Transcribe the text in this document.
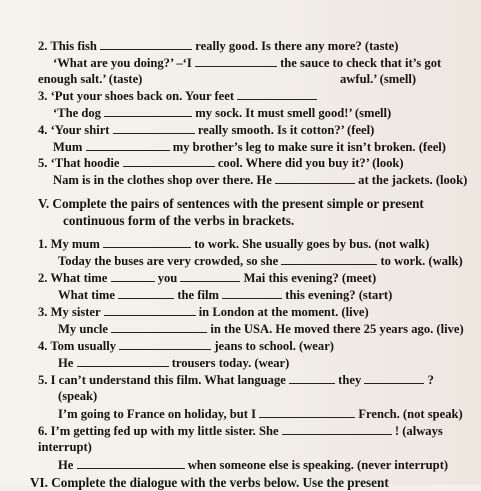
2. This fish	really good. Is there any more? (taste)
‘What are you doing?’ –‘I	the sauce to check that it’s got
enough salt.’ (taste)	awful.’ (smell)
3. ‘Put your shoes back on. Your feet
‘The dog	my sock. It must smell good!’ (smell)
4. ‘Your shirt	really smooth. Is it cotton?’ (feel)
Mum	my brother’s leg to make sure it isn’t broken. (feel)
5. ‘That hoodie	cool. Where did you buy it?’ (look)
Nam is in the clothes shop over there. He	at the jackets. (look)
V. Complete the pairs of sentences with the present simple or present
continuous form of the verbs in brackets.
1. My mum	to work. She usually goes by bus. (not walk)
Today the buses are very crowded, so she	to work. (walk)
2. What time	you	Mai this evening? (meet)
What time	the film	this evening? (start)
3. My sister	in London at the moment. (live)
My uncle	in the USA. He moved there 25 years ago. (live)
4. Tom usually	jeans to school. (wear)
He	trousers today. (wear)
5. I can’t understand this film. What language	they	?
(speak)
I’m going to France on holiday, but I	French. (not speak)
6. I’m getting fed up with my little sister. She	! (always
interrupt)
He	when someone else is speaking. (never interrupt)
VI. Complete the dialogue with the verbs below. Use the present
